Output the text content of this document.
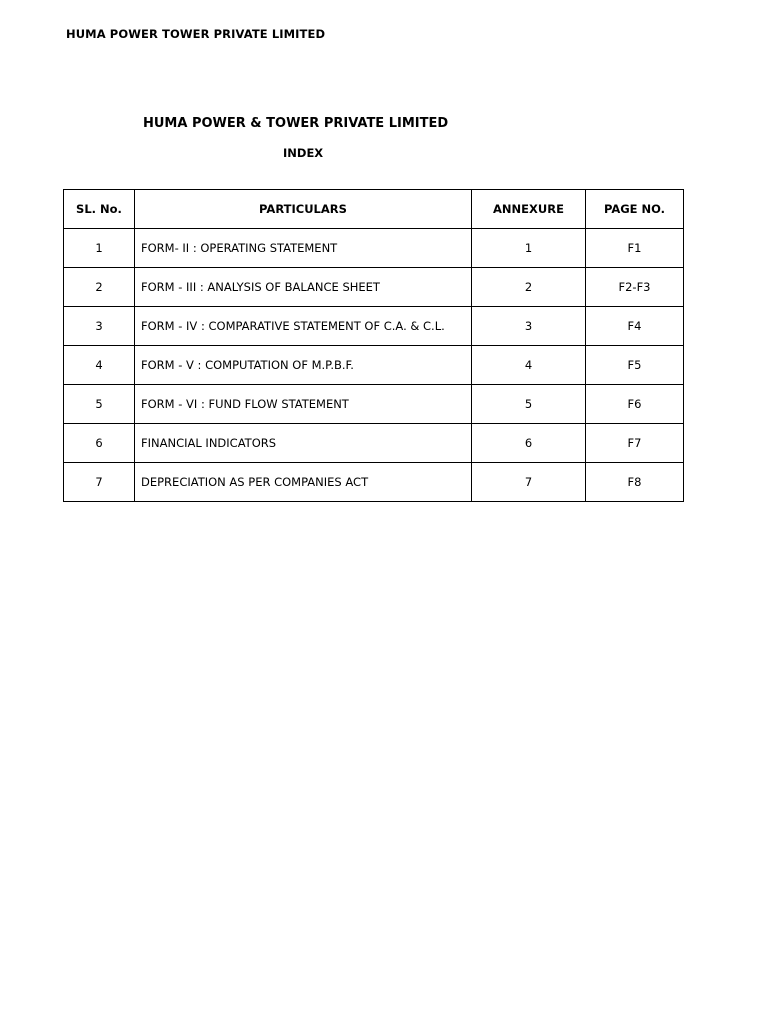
HUMA POWER TOWER PRIVATE LIMITED
HUMA POWER & TOWER PRIVATE LIMITED
INDEX
SL. No.	PARTICULARS	ANNEXURE	PAGE NO.
1	FORM- II : OPERATING STATEMENT	1	F1
2	FORM - III : ANALYSIS OF BALANCE SHEET	2	F2-F3
3	FORM - IV : COMPARATIVE STATEMENT OF C.A. & C.L.	3	F4
4	FORM - V : COMPUTATION OF M.P.B.F.	4	F5
5	FORM - VI : FUND FLOW STATEMENT	5	F6
6	FINANCIAL INDICATORS	6	F7
7	DEPRECIATION AS PER COMPANIES ACT	7	F8
